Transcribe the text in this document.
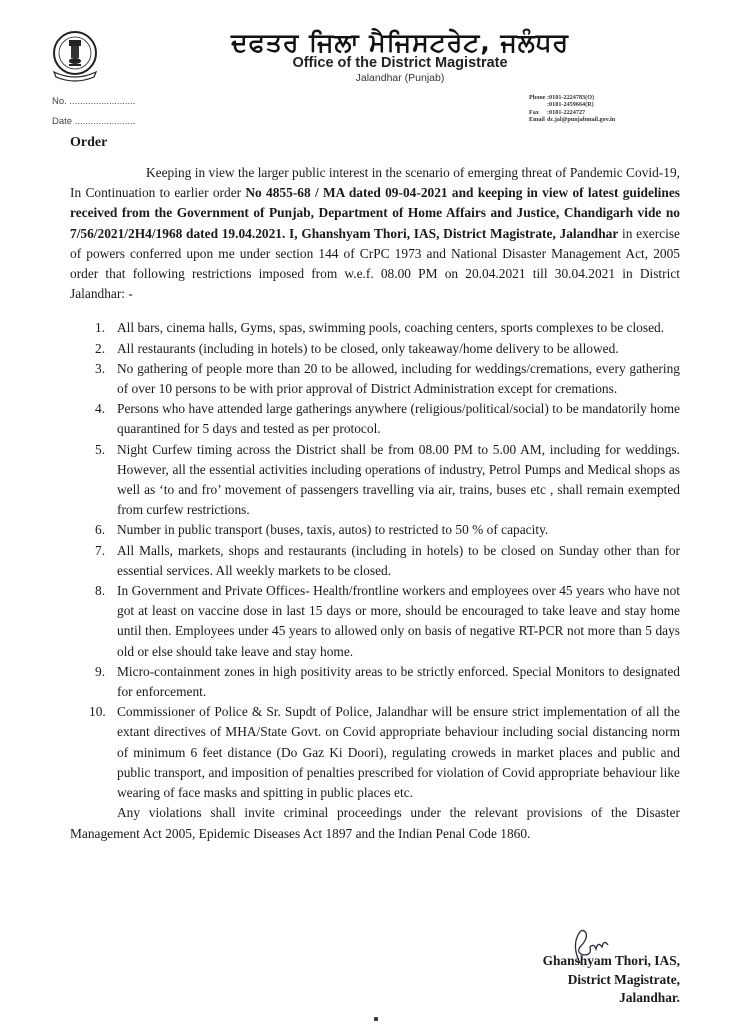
ਦਫਤਰ ਜਿਲਾ ਮੈਜਿਸਟਰੇਟ, ਜਲੰਧਰ
Office of the District Magistrate
Jalandhar (Punjab)
No. .........................
Date .......................
Phone :0181-2224783(O)
:0181-2459664(R)
Fax	:0181-2224727
Email dc.jal@punjabmail.gov.in
Order

Keeping in view the larger public interest in the scenario of emerging threat of Pandemic Covid-19, In Continuation to earlier order No 4855-68 / MA dated 09-04-2021 and keeping in view of latest guidelines received from the Government of Punjab, Department of Home Affairs and Justice, Chandigarh vide no 7/56/2021/2H4/1968 dated 19.04.2021. I, Ghanshyam Thori, IAS, District Magistrate, Jalandhar in exercise of powers conferred upon me under section 144 of CrPC 1973 and National Disaster Management Act, 2005 order that following restrictions imposed from w.e.f. 08.00 PM on 20.04.2021 till 30.04.2021 in District Jalandhar: -

1. All bars, cinema halls, Gyms, spas, swimming pools, coaching centers, sports complexes to be closed.
2. All restaurants (including in hotels) to be closed, only takeaway/home delivery to be allowed.
3. No gathering of people more than 20 to be allowed, including for weddings/cremations, every gathering of over 10 persons to be with prior approval of District Administration except for cremations.
4. Persons who have attended large gatherings anywhere (religious/political/social) to be mandatorily home quarantined for 5 days and tested as per protocol.
5. Night Curfew timing across the District shall be from 08.00 PM to 5.00 AM, including for weddings. However, all the essential activities including operations of industry, Petrol Pumps and Medical shops as well as ‘to and fro’ movement of passengers travelling via air, trains, buses etc , shall remain exempted from curfew restrictions.
6. Number in public transport (buses, taxis, autos) to restricted to 50 % of capacity.
7. All Malls, markets, shops and restaurants (including in hotels) to be closed on Sunday other than for essential services. All weekly markets to be closed.
8. In Government and Private Offices- Health/frontline workers and employees over 45 years who have not got at least on vaccine dose in last 15 days or more, should be encouraged to take leave and stay home until then. Employees under 45 years to allowed only on basis of negative RT-PCR not more than 5 days old or else should take leave and stay home.
9. Micro-containment zones in high positivity areas to be strictly enforced. Special Monitors to designated for enforcement.
10. Commissioner of Police & Sr. Supdt of Police, Jalandhar will be ensure strict implementation of all the extant directives of MHA/State Govt. on Covid appropriate behaviour including social distancing norm of minimum 6 feet distance (Do Gaz Ki Doori), regulating croweds in market places and public and public transport, and imposition of penalties prescribed for violation of Covid appropriate behaviour like wearing of face masks and spitting in public places etc.

Any violations shall invite criminal proceedings under the relevant provisions of the Disaster Management Act 2005, Epidemic Diseases Act 1897 and the Indian Penal Code 1860.

Ghanshyam Thori, IAS,
District Magistrate,
Jalandhar.
